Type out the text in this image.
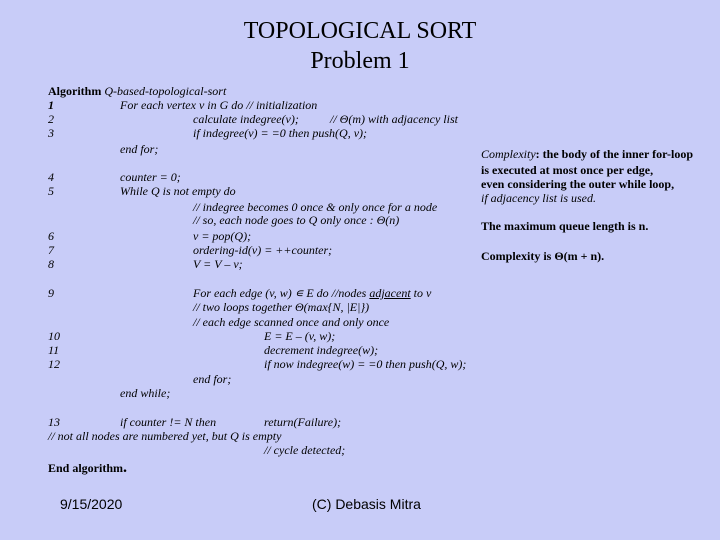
TOPOLOGICAL SORT
Problem 1
Algorithm Q-based-topological-sort
1	For each vertex v in G do // initialization
2	calculate indegree(v);	// Θ(m) with adjacency list
3	if indegree(v) = =0 then push(Q, v);
end for;
4	counter = 0;
5	While Q is not empty do
// indegree becomes 0 once & only once for a node
// so, each node goes to Q only once : Θ(n)
6	v = pop(Q);
7	ordering-id(v) = ++counter;
8	V = V – v;
9	For each edge (v, w) ∊ E do //nodes adjacent to v
// two loops together Θ(max{N, |E|})
// each edge scanned once and only once
10	E = E – (v, w);
11	decrement indegree(w);
12	if now indegree(w) = =0 then push(Q, w);
end for;
end while;
13	if counter != N then	return(Failure);
// not all nodes are numbered yet, but Q is empty
// cycle detected;
End algorithm.
Complexity: the body of the inner for-loop
is executed at most once per edge,
even considering the outer while loop,
if adjacency list is used.
The maximum queue length is n.
Complexity is Θ(m + n).
9/15/2020	(C) Debasis Mitra
